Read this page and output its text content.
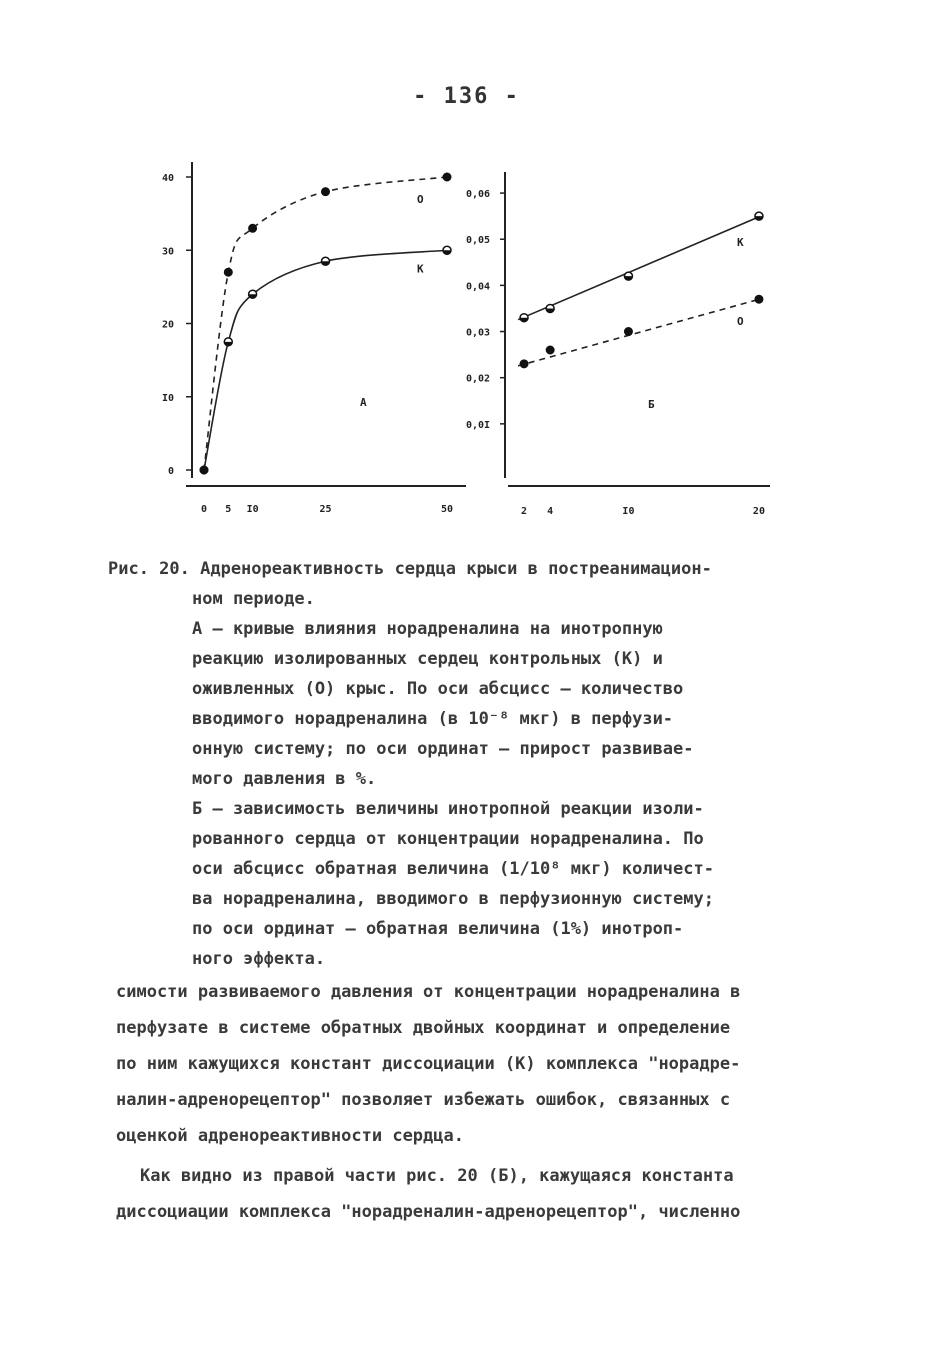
- 136 -
0
I0
20
30
40
0 5 I0	25	50
О
К
А
0,0I
0,02
0,03
0,04
0,05
0,06
2 4	I0	20
К
О
Б

Рис. 20. Адренореактивность сердца крыси в постреанимацион-

ном периоде.

А – кривые влияния норадреналина на инотропную

реакцию изолированных сердец контрольных (К) и

оживленных (О) крыс. По оси абсцисс – количество

вводимого норадреналина (в 10⁻⁸ мкг) в перфузи-

онную систему; по оси ординат – прирост развивае-

мого давления в %.

Б – зависимость величины инотропной реакции изоли-

рованного сердца от концентрации норадреналина. По

оси абсцисс обратная величина (1/10⁸ мкг) количест-

ва норадреналина, вводимого в перфузионную систему;

по оси ординат – обратная величина (1%) инотроп-

ного эффекта.

симости развиваемого давления от концентрации норадреналина в

перфузате в системе обратных двойных координат и определение

по ним кажущихся констант диссоциации (К) комплекса "норадре-

налин-адренорецептор" позволяет избежать ошибок, связанных с

оценкой адренореактивности сердца.

Как видно из правой части рис. 20 (Б), кажущаяся константа

диссоциации комплекса "норадреналин-адренорецептор", численно
